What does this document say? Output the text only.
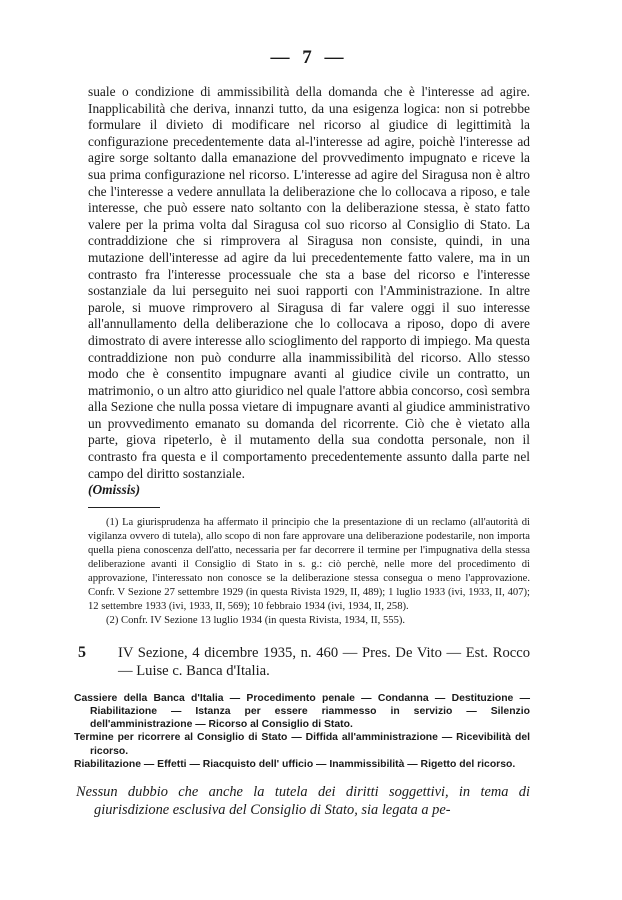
— 7 —

suale o condizione di ammissibilità della domanda che è l'interesse ad agire. Inapplicabilità che deriva, innanzi tutto, da una esigenza logica: non si potrebbe formulare il divieto di modificare nel ricorso al giudice di legittimità la configurazione precedentemente data al-l'interesse ad agire, poichè l'interesse ad agire sorge soltanto dalla emanazione del provvedimento impugnato e riceve la sua prima configurazione nel ricorso. L'interesse ad agire del Siragusa non è altro che l'interesse a vedere annullata la deliberazione che lo collocava a riposo, e tale interesse, che può essere nato soltanto con la deliberazione stessa, è stato fatto valere per la prima volta dal Siragusa col suo ricorso al Consiglio di Stato. La contraddizione che si rimprovera al Siragusa non consiste, quindi, in una mutazione dell'interesse ad agire da lui precedentemente fatto valere, ma in un contrasto fra l'interesse processuale che sta a base del ricorso e l'interesse sostanziale da lui perseguito nei suoi rapporti con l'Amministrazione. In altre parole, si muove rimprovero al Siragusa di far valere oggi il suo interesse all'annullamento della deliberazione che lo collocava a riposo, dopo di avere dimostrato di avere interesse allo scioglimento del rapporto di impiego. Ma questa contraddizione non può condurre alla inammissibilità del ricorso. Allo stesso modo che è consentito impugnare avanti al giudice civile un contratto, un matrimonio, o un altro atto giuridico nel quale l'attore abbia concorso, così sembra alla Sezione che nulla possa vietare di impugnare avanti al giudice amministrativo un provvedimento emanato su domanda del ricorrente. Ciò che è vietato alla parte, giova ripeterlo, è il mutamento della sua condotta personale, non il contrasto fra questa e il comportamento precedentemente assunto dalla parte nel campo del diritto sostanziale.
(Omissis)

(1) La giurisprudenza ha affermato il principio che la presentazione di un reclamo (all'autorità di vigilanza ovvero di tutela), allo scopo di non fare approvare una deliberazione podestarile, non importa quella piena conoscenza dell'atto, necessaria per far decorrere il termine per l'impugnativa della stessa deliberazione avanti il Consiglio di Stato in s. g.: ciò perchè, nelle more del procedimento di approvazione, l'interessato non conosce se la deliberazione stessa consegua o meno l'approvazione. Confr. V Sezione 27 settembre 1929 (in questa Rivista 1929, II, 489); 1 luglio 1933 (ivi, 1933, II, 407); 12 settembre 1933 (ivi, 1933, II, 569); 10 febbraio 1934 (ivi, 1934, II, 258).

(2) Confr. IV Sezione 13 luglio 1934 (in questa Rivista, 1934, II, 555).

5	IV Sezione, 4 dicembre 1935, n. 460 — Pres. De Vito — Est. Rocco — Luise c. Banca d'Italia.

Cassiere della Banca d'Italia — Procedimento penale — Condanna — Destituzione — Riabilitazione — Istanza per essere riammesso in servizio — Silenzio dell'amministrazione — Ricorso al Consiglio di Stato.

Termine per ricorrere al Consiglio di Stato — Diffida all'amministrazione — Ricevibilità del ricorso.

Riabilitazione — Effetti — Riacquisto dell' ufficio — Inammissibilità — Rigetto del ricorso.

Nessun dubbio che anche la tutela dei diritti soggettivi, in tema di giurisdizione esclusiva del Consiglio di Stato, sia legata a pe-
